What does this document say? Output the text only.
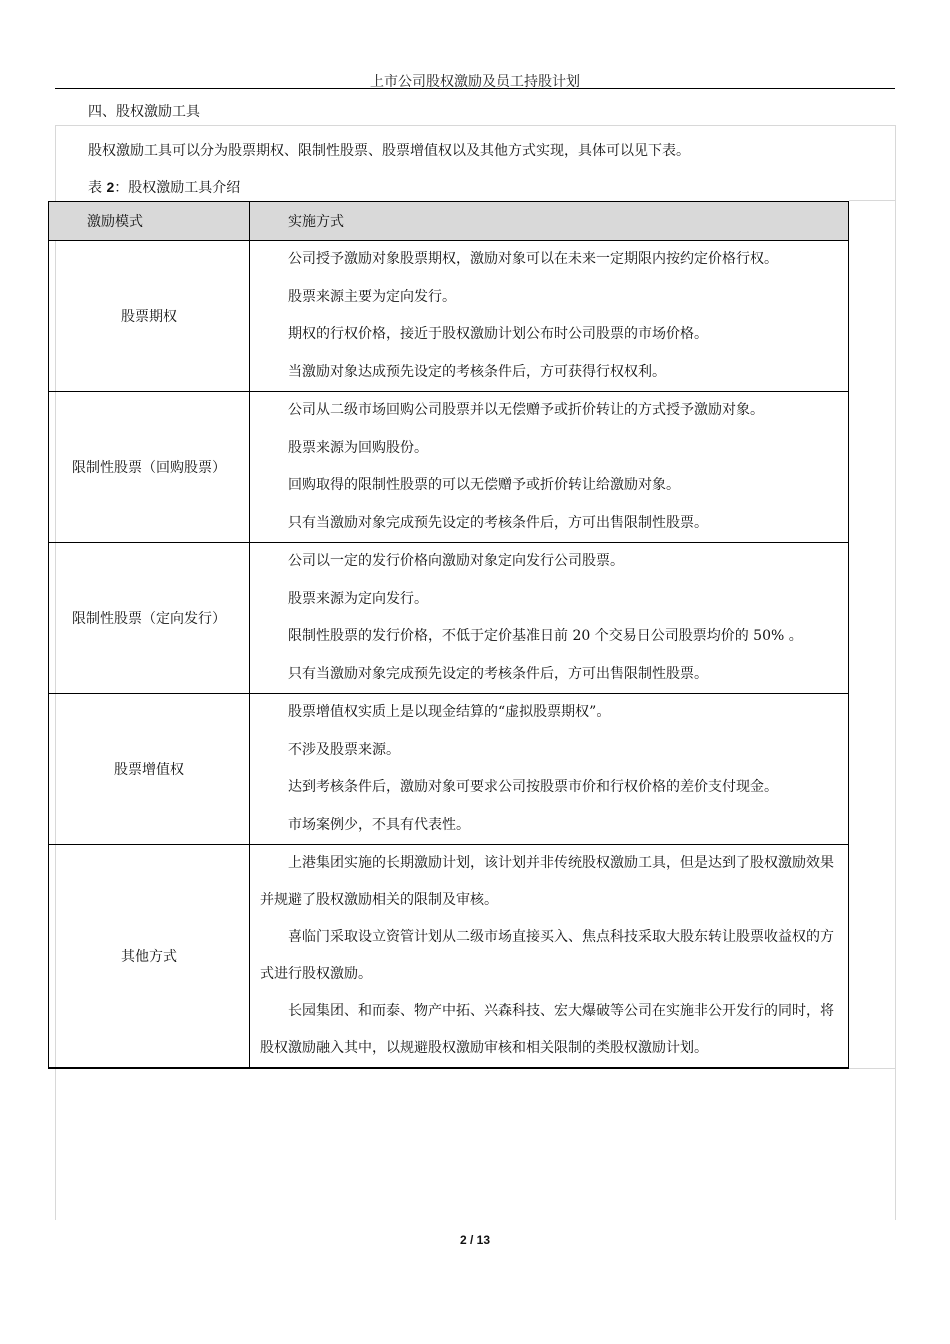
上市公司股权激励及员工持股计划
四、股权激励工具
股权激励工具可以分为股票期权、限制性股票、股票增值权以及其他方式实现，具体可以见下表。
表 2：股权激励工具介绍
激励模式	实施方式
股票期权	公司授予激励对象股票期权，激励对象可以在未来一定期限内按约定价格行权。
股票来源主要为定向发行。
期权的行权价格，接近于股权激励计划公布时公司股票的市场价格。
当激励对象达成预先设定的考核条件后，方可获得行权权利。

限制性股票（回购股票）	公司从二级市场回购公司股票并以无偿赠予或折价转让的方式授予激励对象。
股票来源为回购股份。
回购取得的限制性股票的可以无偿赠予或折价转让给激励对象。
只有当激励对象完成预先设定的考核条件后，方可出售限制性股票。

限制性股票（定向发行）	公司以一定的发行价格向激励对象定向发行公司股票。
股票来源为定向发行。
限制性股票的发行价格，不低于定价基准日前 20 个交易日公司股票均价的 50% 。
只有当激励对象完成预先设定的考核条件后，方可出售限制性股票。

股票增值权	股票增值权实质上是以现金结算的“虚拟股票期权”。
不涉及股票来源。
达到考核条件后，激励对象可要求公司按股票市价和行权价格的差价支付现金。
市场案例少，不具有代表性。

其他方式	上港集团实施的长期激励计划，该计划并非传统股权激励工具，但是达到了股权激励效果并规避了股权激励相关的限制及审核。
喜临门采取设立资管计划从二级市场直接买入、焦点科技采取大股东转让股票收益权的方式进行股权激励。
长园集团、和而泰、物产中拓、兴森科技、宏大爆破等公司在实施非公开发行的同时，将股权激励融入其中，以规避股权激励审核和相关限制的类股权激励计划。
2 / 13
